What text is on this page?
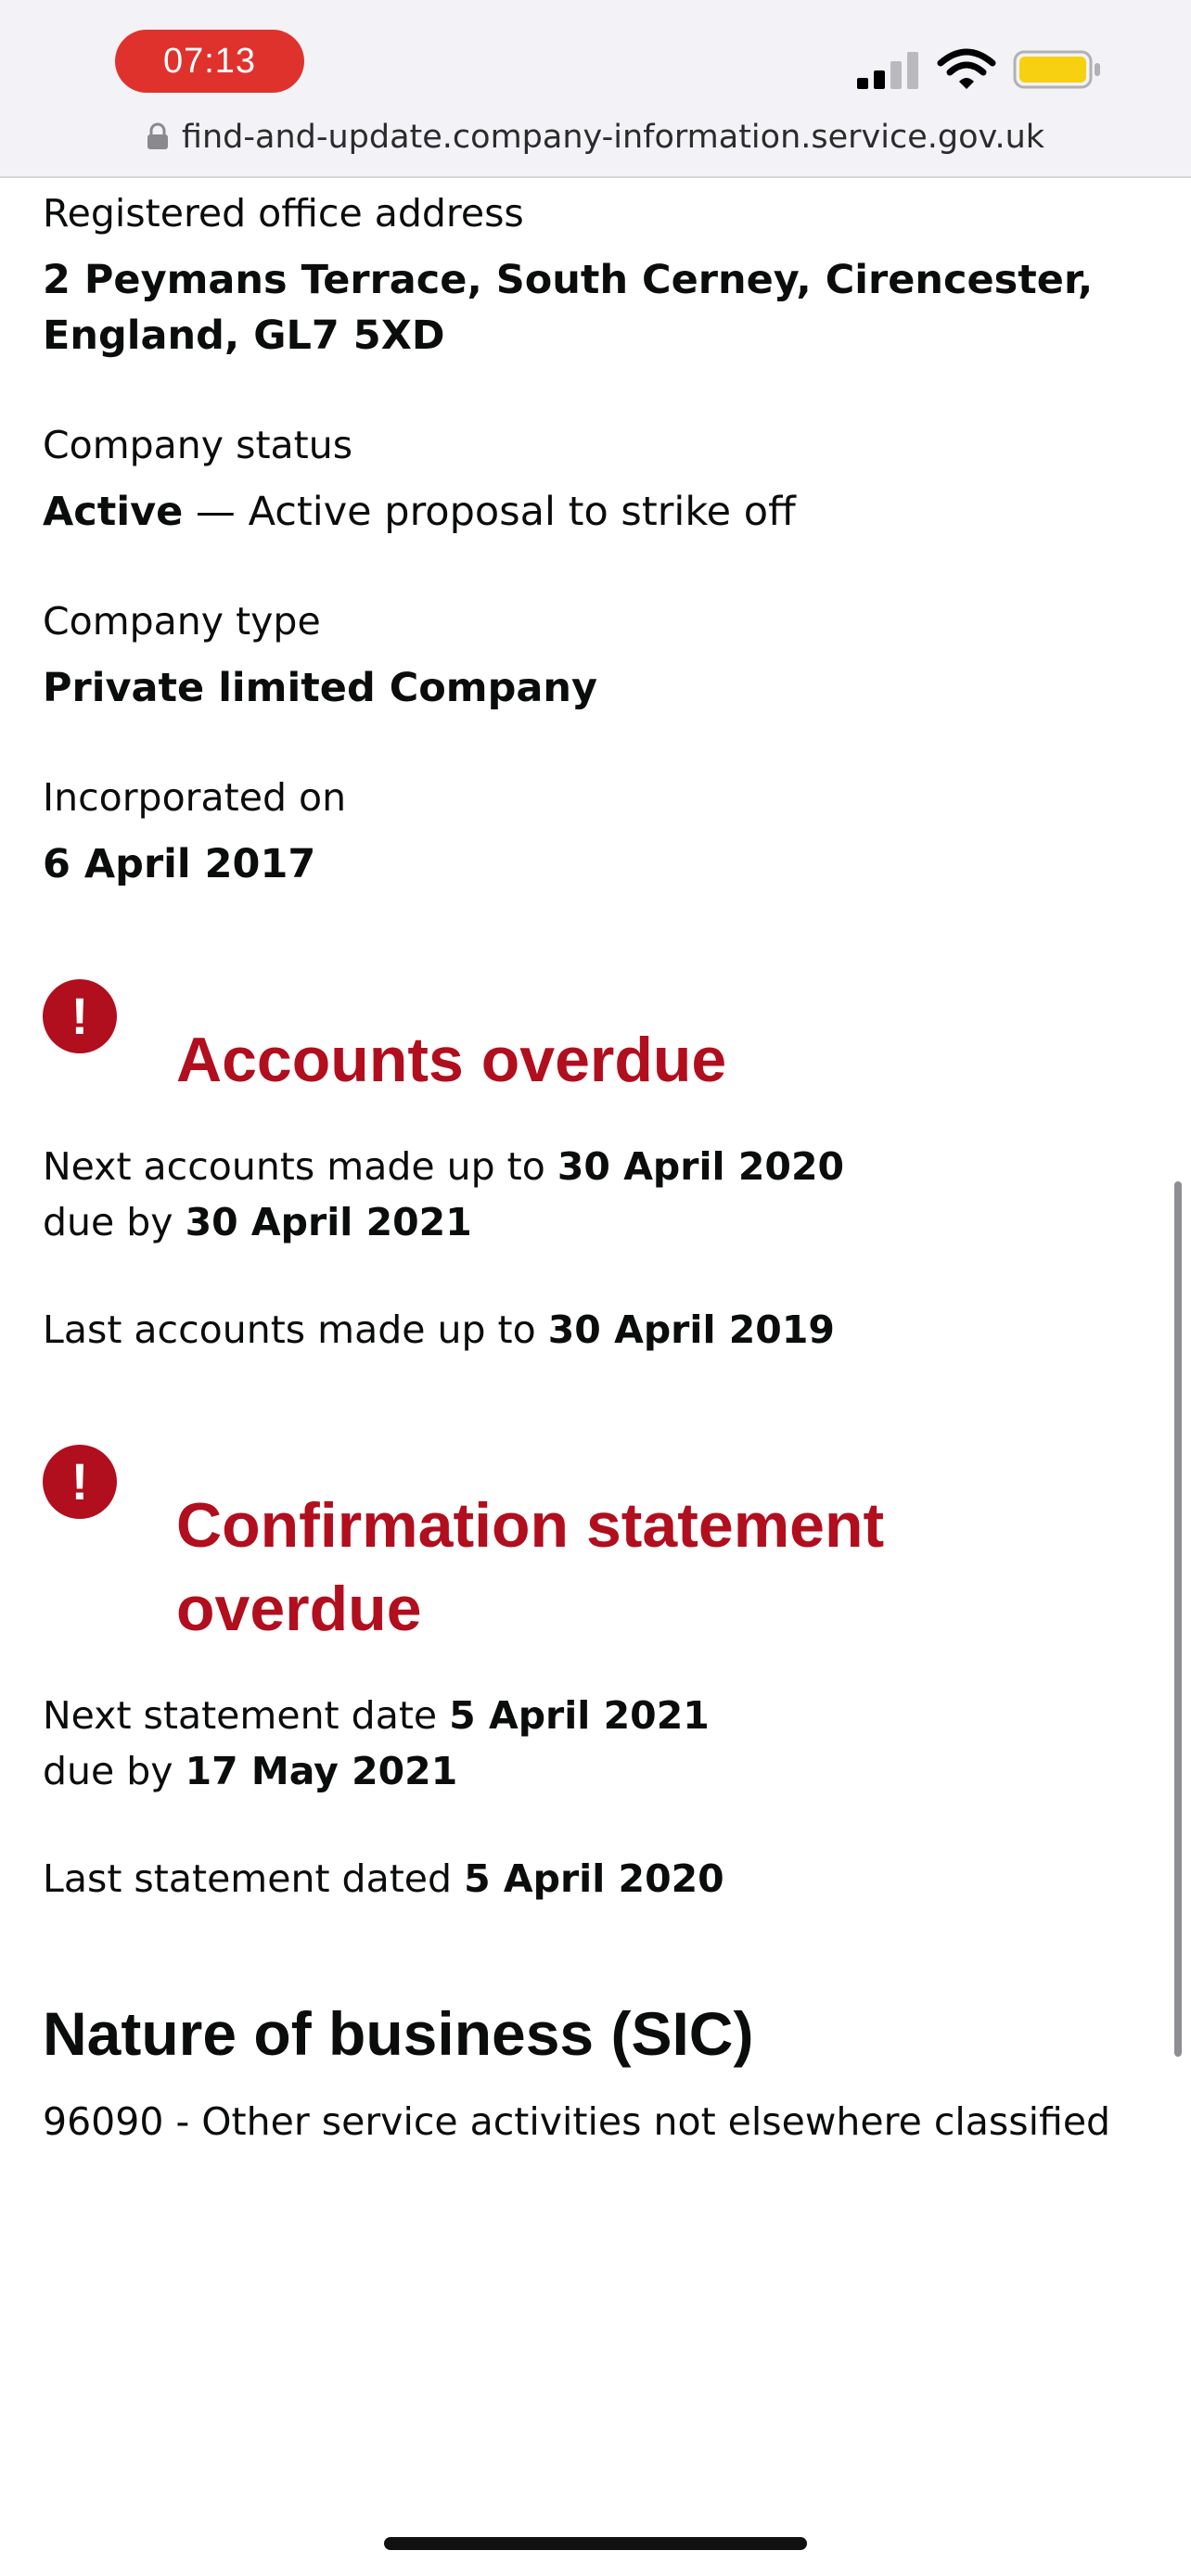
07:13
find-and-update.company-information.service.gov.uk
Registered office address
2 Peymans Terrace, South Cerney, Cirencester, England, GL7 5XD
Company status
Active — Active proposal to strike off
Company type
Private limited Company
Incorporated on
6 April 2017
!
Accounts overdue
Next accounts made up to 30 April 2020
due by 30 April 2021
Last accounts made up to 30 April 2019
!
Confirmation statement overdue
Next statement date 5 April 2021
due by 17 May 2021
Last statement dated 5 April 2020
Nature of business (SIC)
96090 - Other service activities not elsewhere classified
